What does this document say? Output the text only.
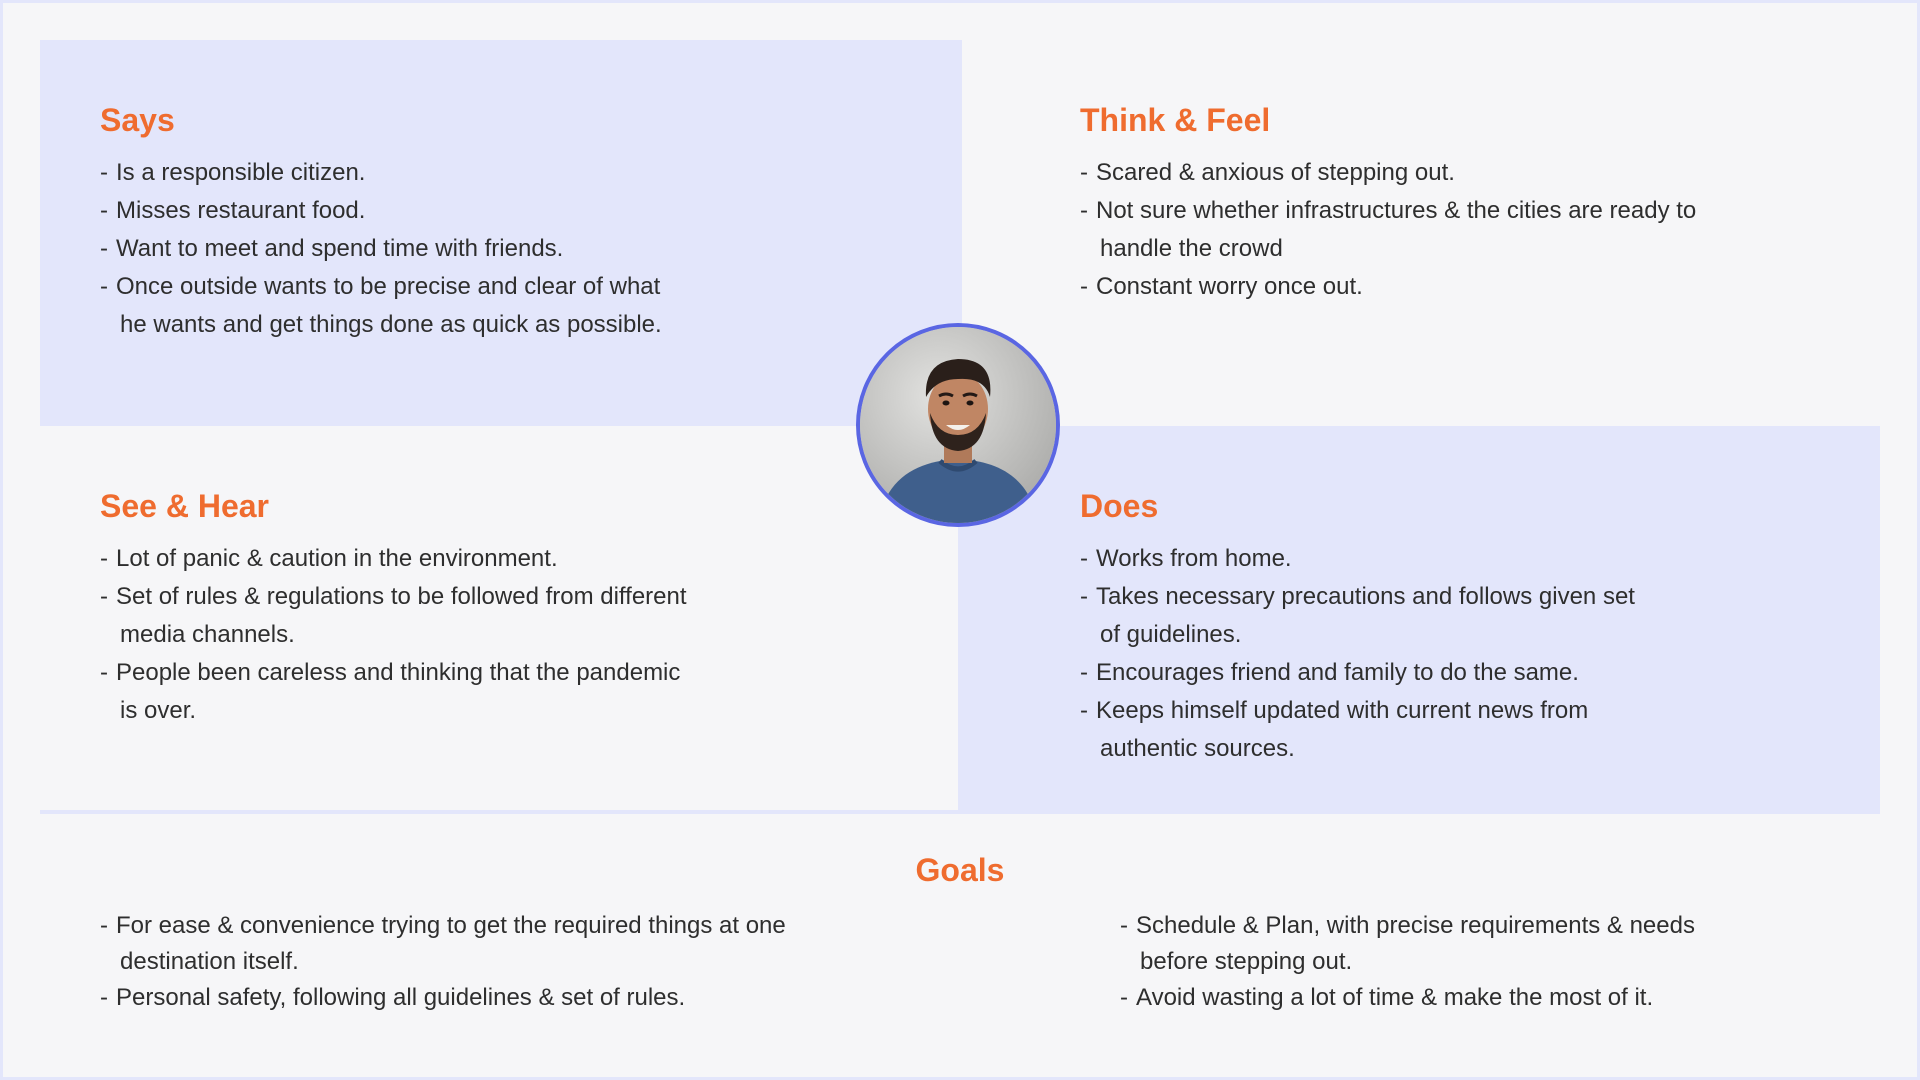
Says
- Is a responsible citizen.
- Misses restaurant food.
- Want to meet and spend time with friends.
- Once outside wants to be precise and clear of what
he wants and get things done as quick as possible.
Think & Feel
- Scared & anxious of stepping out.
- Not sure whether infrastructures & the cities are ready to
handle the crowd
- Constant worry once out.
See & Hear
- Lot of panic & caution in the environment.
- Set of rules & regulations to be followed from different
media channels.
- People been careless and thinking that the pandemic
is over.
Does
- Works from home.
- Takes necessary precautions and follows given set
of guidelines.
- Encourages friend and family to do the same.
- Keeps himself updated with current news from
authentic sources.
Goals
- For ease & convenience trying to get the required things at one
destination itself.
- Personal safety, following all guidelines & set of rules.
- Schedule & Plan, with precise requirements & needs
before stepping out.
- Avoid wasting a lot of time & make the most of it.
